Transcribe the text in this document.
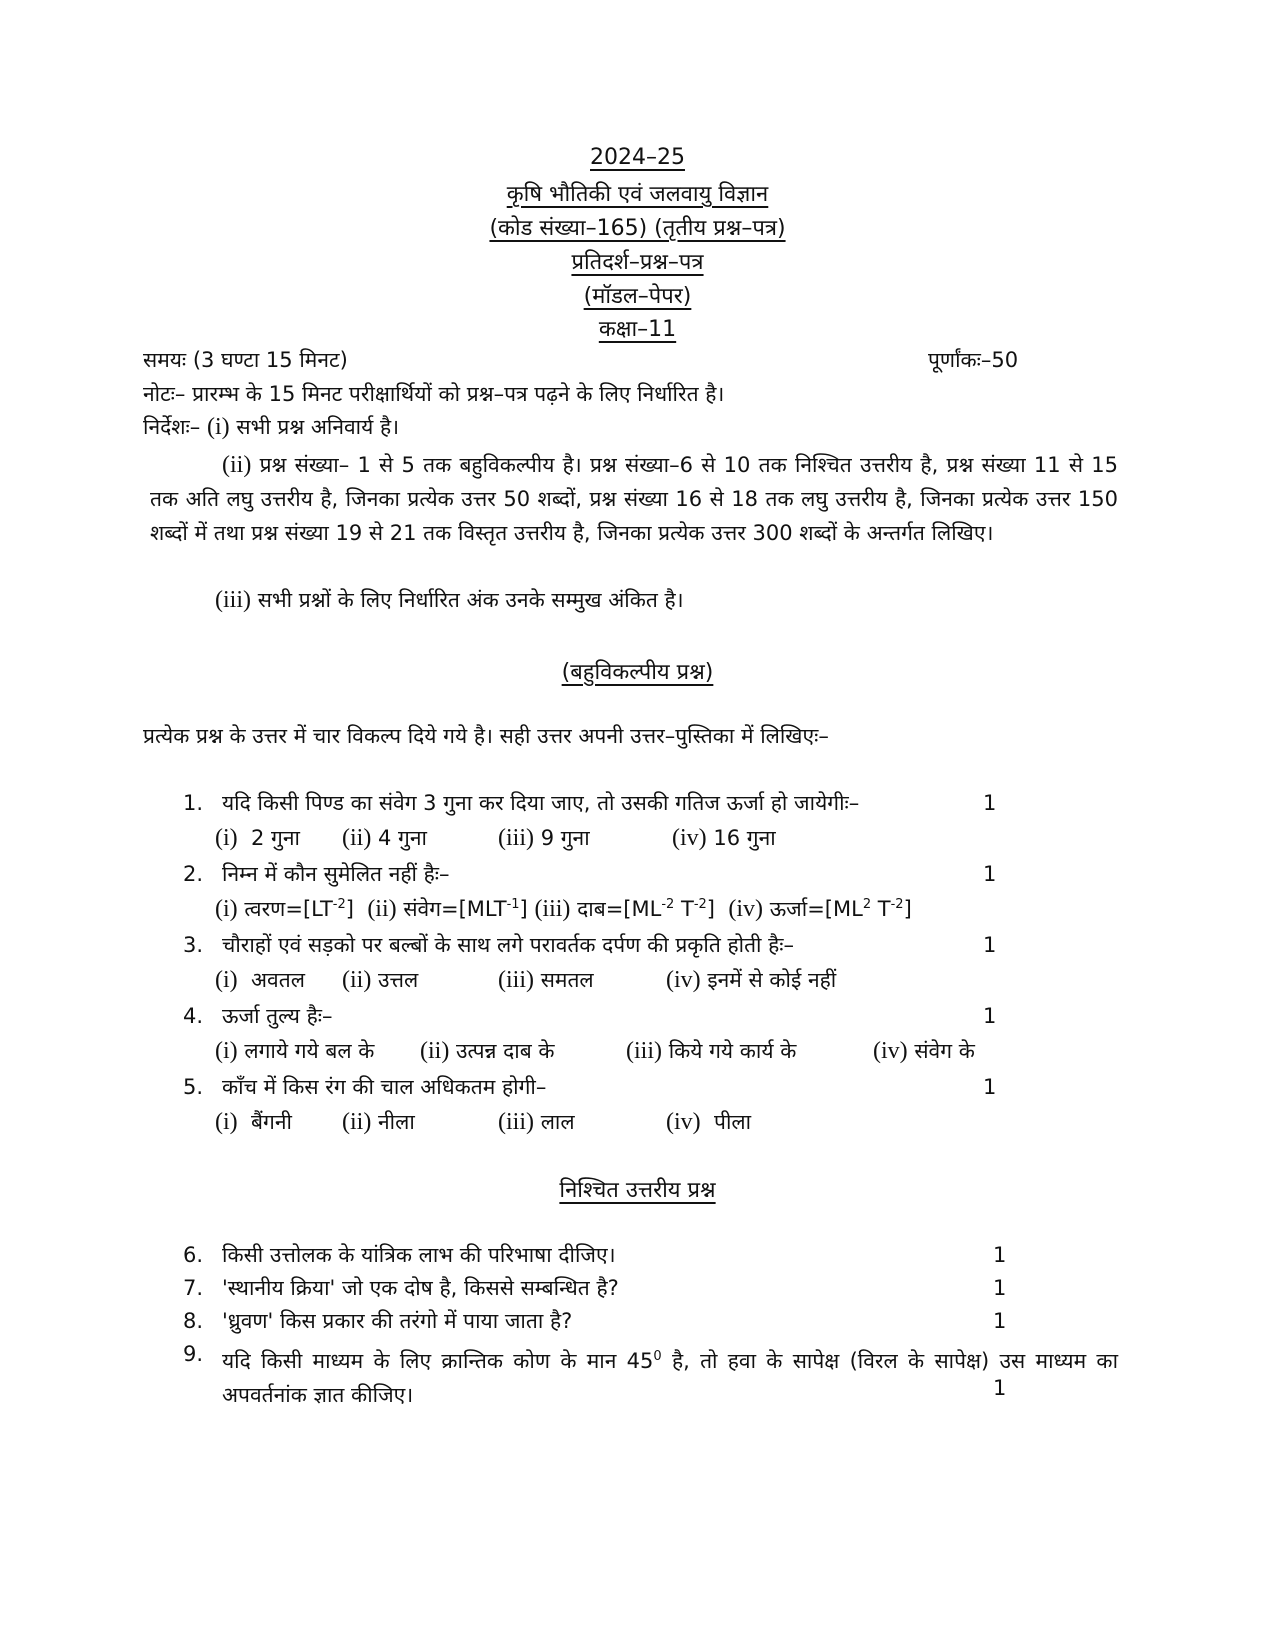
2024–25
कृषि भौतिकी एवं जलवायु विज्ञान
(कोड संख्या–165) (तृतीय प्रश्न–पत्र)
प्रतिदर्श–प्रश्न–पत्र
(मॉडल–पेपर)
कक्षा–11
समयः (3 घण्टा 15 मिनट)	पूर्णांकः–50
नोटः– प्रारम्भ के 15 मिनट परीक्षार्थियों को प्रश्न–पत्र पढ़ने के लिए निर्धारित है।
निर्देशः– (i) सभी प्रश्न अनिवार्य है।
(ii) प्रश्न संख्या– 1 से 5 तक बहुविकल्पीय है। प्रश्न संख्या–6 से 10 तक निश्चित उत्तरीय है, प्रश्न संख्या 11 से 15 तक अति लघु उत्तरीय है, जिनका प्रत्येक उत्तर 50 शब्दों, प्रश्न संख्या 16 से 18 तक लघु उत्तरीय है, जिनका प्रत्येक उत्तर 150 शब्दों में तथा प्रश्न संख्या 19 से 21 तक विस्तृत उत्तरीय है, जिनका प्रत्येक उत्तर 300 शब्दों के अन्तर्गत लिखिए।
(iii) सभी प्रश्नों के लिए निर्धारित अंक उनके सम्मुख अंकित है।
(बहुविकल्पीय प्रश्न)
प्रत्येक प्रश्न के उत्तर में चार विकल्प दिये गये है। सही उत्तर अपनी उत्तर–पुस्तिका में लिखिएः–
1. यदि किसी पिण्ड का संवेग 3 गुना कर दिया जाए, तो उसकी गतिज ऊर्जा हो जायेगीः–	1
(i) 2 गुना (ii) 4 गुना	(iii) 9 गुना	(iv) 16 गुना
2. निम्न में कौन सुमेलित नहीं हैः–	1
(i) $त्वरण=[LT^{-2}]$ (ii) $संवेग=[MLT^{-1}]$ (iii) $दाब=[ML^{-2}$ $T^{-2}$] (iv) $ऊर्जा=[ML^2$ $T^{-2}$]
3. चौराहों एवं सड़को पर बल्बों के साथ लगे परावर्तक दर्पण की प्रकृति होती हैः–	1
(i) अवतल (ii) उत्तल	(iii) समतल	(iv) इनमें से कोई नहीं
4. ऊर्जा तुल्य हैः–	1
(i) लगाये गये बल के (ii) उत्पन्न दाब के	(iii) किये गये कार्य के	(iv) संवेग के
5. काँच में किस रंग की चाल अधिकतम होगी–	1
(i) बैंगनी (ii) नीला	(iii) लाल	(iv) पीला
निश्चित उत्तरीय प्रश्न
6. किसी उत्तोलक के यांत्रिक लाभ की परिभाषा दीजिए।	1
7. 'स्थानीय क्रिया' जो एक दोष है, किससे सम्बन्धित है?	1
8. 'ध्रुवण' किस प्रकार की तरंगो में पाया जाता है?	1
9. यदि किसी माध्यम के लिए क्रान्तिक कोण के मान $45^0$ है, तो हवा के सापेक्ष (विरल के सापेक्ष) उस माध्यम का अपवर्तनांक ज्ञात कीजिए।	1
